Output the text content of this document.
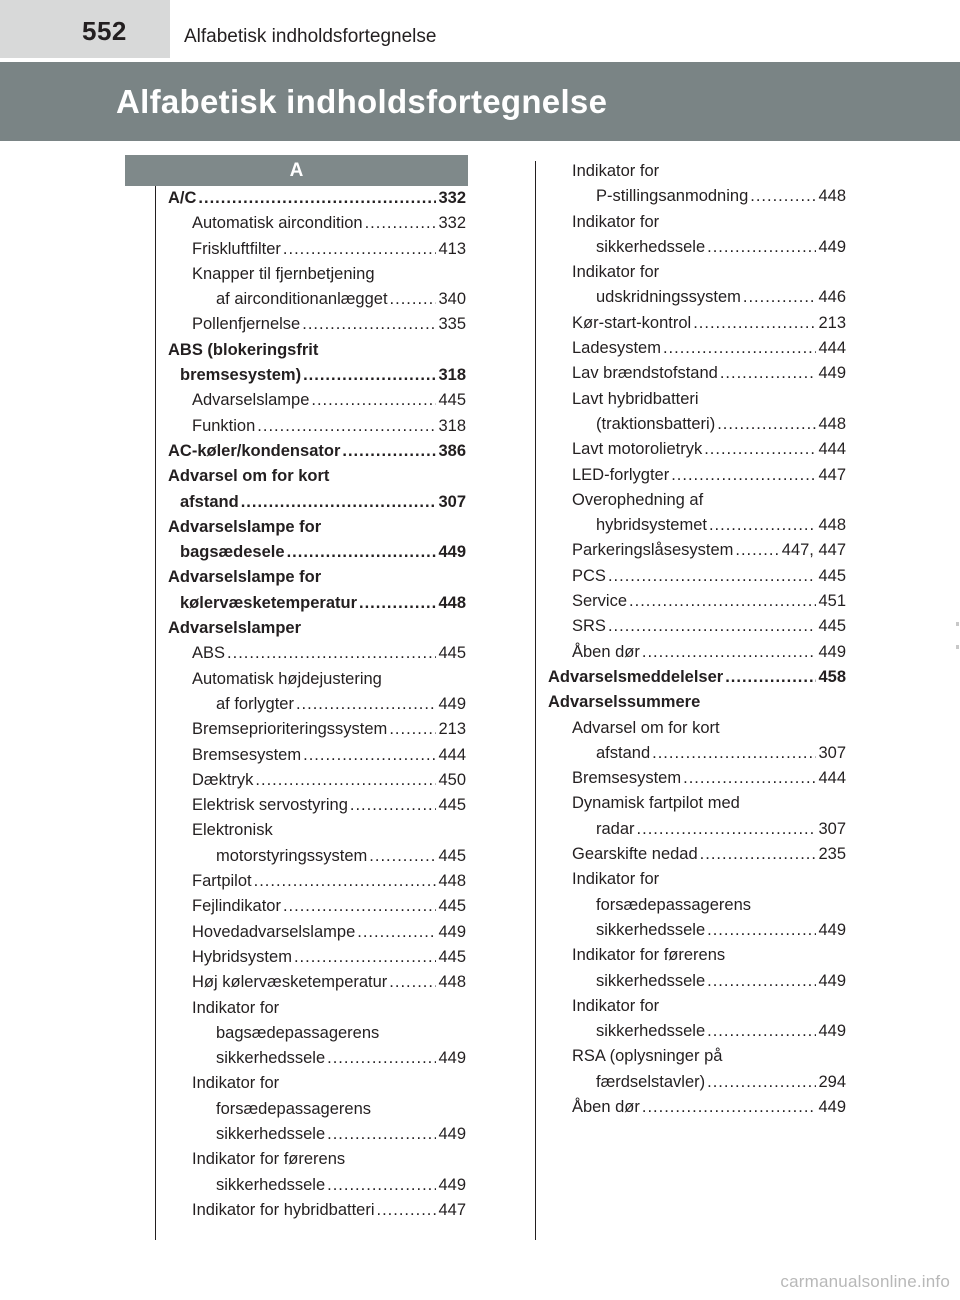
552	Alfabetisk indholdsfortegnelse
Alfabetisk indholdsfortegnelse
A
A/C .....	332
Automatisk aircondition .....	332
Friskluftfilter .....	413
Knapper til fjernbetjening
af airconditionanlægget .....	340
Pollenfjernelse .....	335
ABS (blokeringsfrit
bremsesystem) .....	318
Advarselslampe .....	445
Funktion .....	318
AC-køler/kondensator .....	386
Advarsel om for kort
afstand .....	307
Advarselslampe for
bagsædesele .....	449
Advarselslampe for
kølervæsketemperatur .....	448
Advarselslamper
ABS .....	445
Automatisk højdejustering
af forlygter .....	449
Bremseprioriteringssystem .....	213
Bremsesystem .....	444
Dæktryk .....	450
Elektrisk servostyring .....	445
Elektronisk
motorstyringssystem .....	445
Fartpilot .....	448
Fejlindikator .....	445
Hovedadvarselslampe .....	449
Hybridsystem .....	445
Høj kølervæsketemperatur .....	448
Indikator for
bagsædepassagerens
sikkerhedssele .....	449
Indikator for
forsædepassagerens
sikkerhedssele .....	449
Indikator for førerens
sikkerhedssele .....	449
Indikator for hybridbatteri .....	447
Indikator for
P-stillingsanmodning .....	448
Indikator for
sikkerhedssele .....	449
Indikator for
udskridningssystem .....	446
Kør-start-kontrol .....	213
Ladesystem .....	444
Lav brændstofstand .....	449
Lavt hybridbatteri
(traktionsbatteri) .....	448
Lavt motorolietryk .....	444
LED-forlygter .....	447
Overophedning af
hybridsystemet .....	448
Parkeringslåsesystem .....	447, 447
PCS .....	445
Service .....	451
SRS .....	445
Åben dør .....	449
Advarselsmeddelelser .....	458
Advarselssummere
Advarsel om for kort
afstand .....	307
Bremsesystem .....	444
Dynamisk fartpilot med
radar .....	307
Gearskifte nedad .....	235
Indikator for
forsædepassagerens
sikkerhedssele .....	449
Indikator for førerens
sikkerhedssele .....	449
Indikator for
sikkerhedssele .....	449
RSA (oplysninger på
færdselstavler) .....	294
Åben dør .....	449
carmanualsonline.info
